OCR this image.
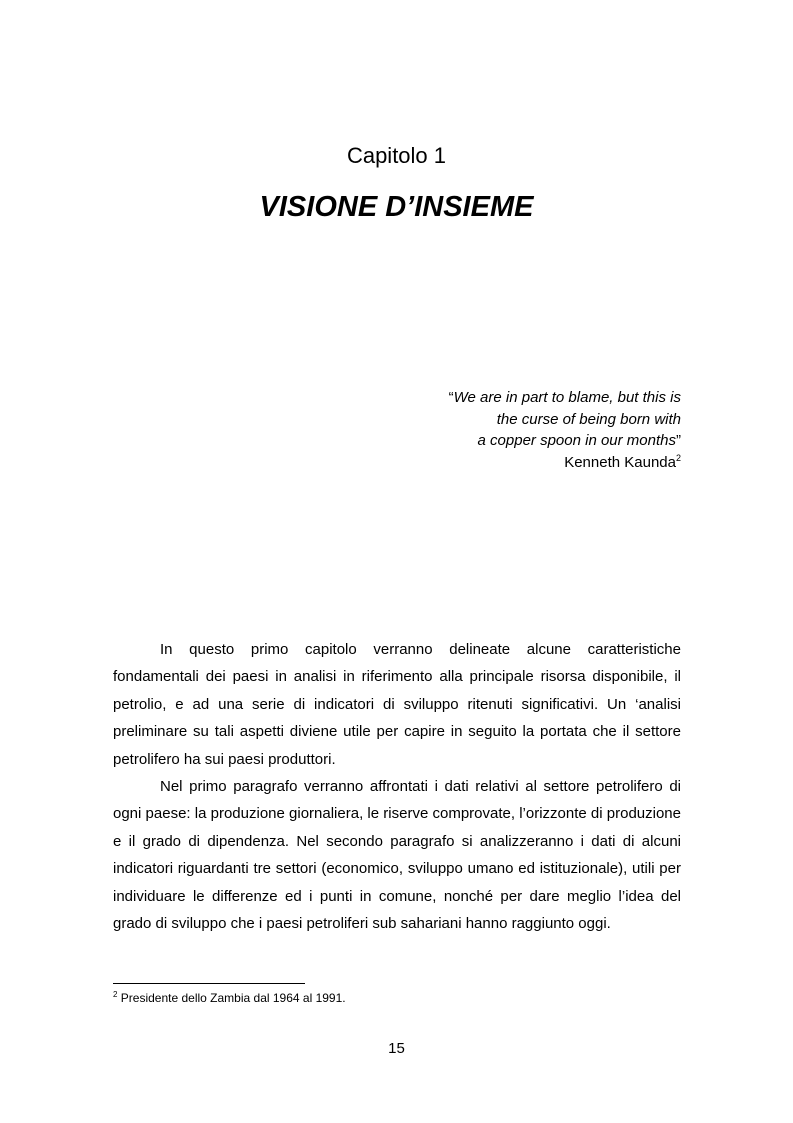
Capitolo 1
VISIONE D’INSIEME
“We are in part to blame, but this is
the curse of being born with
a copper spoon in our months”
Kenneth Kaunda$^2$

In questo primo capitolo verranno delineate alcune caratteristiche fondamentali dei paesi in analisi in riferimento alla principale risorsa disponibile, il petrolio, e ad una serie di indicatori di sviluppo ritenuti significativi. Un ‘analisi preliminare su tali aspetti diviene utile per capire in seguito la portata che il settore petrolifero ha sui paesi produttori.

Nel primo paragrafo verranno affrontati i dati relativi al settore petrolifero di ogni paese: la produzione giornaliera, le riserve comprovate, l’orizzonte di produzione e il grado di dipendenza. Nel secondo paragrafo si analizzeranno i dati di alcuni indicatori riguardanti tre settori (economico, sviluppo umano ed istituzionale), utili per individuare le differenze ed i punti in comune, nonché per dare meglio l’idea del grado di sviluppo che i paesi petroliferi sub sahariani hanno raggiunto oggi.

$^2$ Presidente dello Zambia dal 1964 al 1991.
15
